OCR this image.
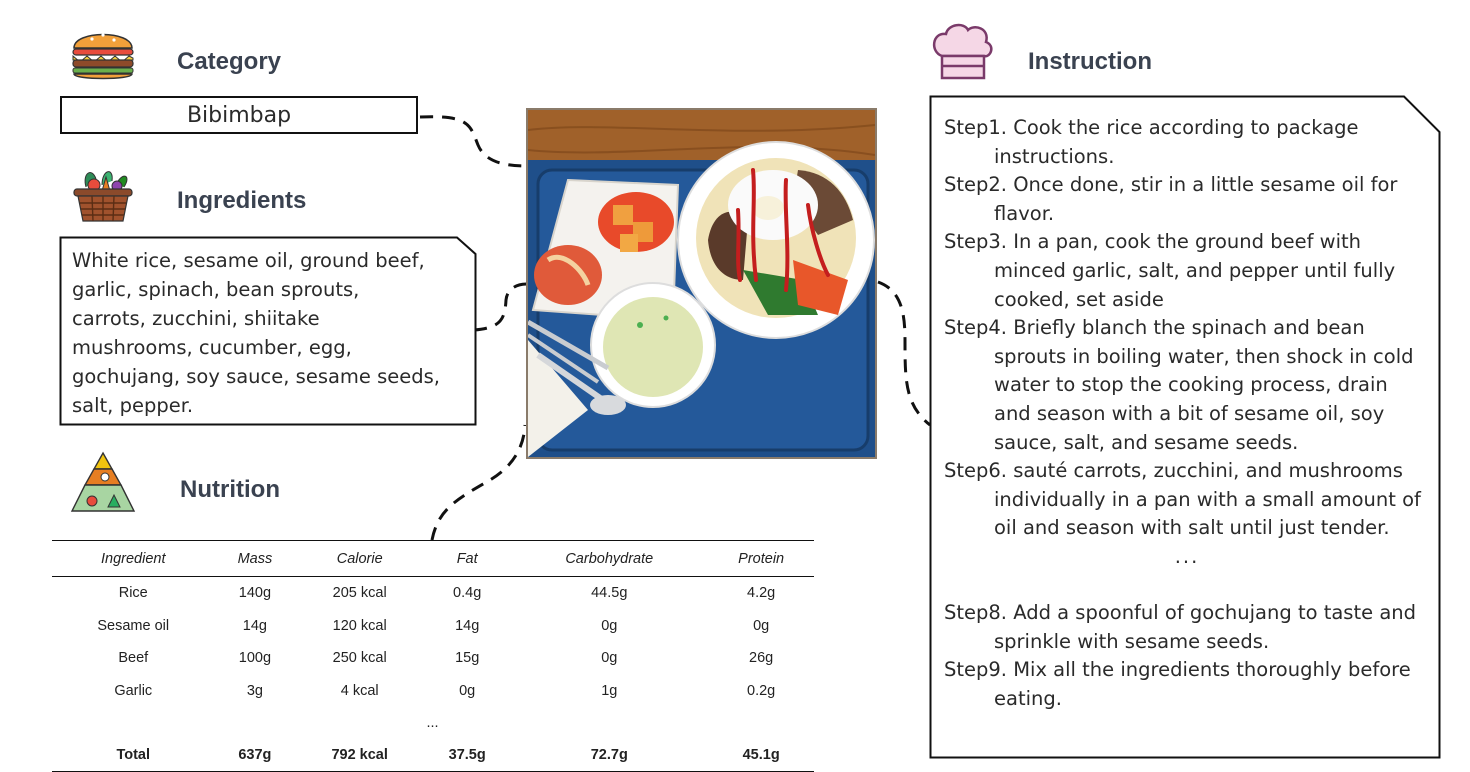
Category
Bibimbap
Ingredients
White rice, sesame oil, ground beef,
garlic, spinach, bean sprouts,
carrots, zucchini, shiitake
mushrooms, cucumber, egg,
gochujang, soy sauce, sesame seeds,
salt, pepper.
Nutrition
Ingredient	Mass	Calorie	Fat	Carbohydrate	Protein
Rice	140g	205 kcal	0.4g	44.5g	4.2g
Sesame oil	14g	120 kcal	14g	0g	0g
Beef	100g	250 kcal	15g	0g	26g
Garlic	3g	4 kcal	0g	1g	0.2g
...					
Total	637g	792 kcal	37.5g	72.7g	45.1g
Instruction
Step1. Cook the rice according to package instructions.
Step2. Once done, stir in a little sesame oil for flavor.
Step3. In a pan, cook the ground beef with minced garlic, salt, and pepper until fully cooked, set aside
Step4. Briefly blanch the spinach and bean sprouts in boiling water, then shock in cold water to stop the cooking process, drain and season with a bit of sesame oil, soy sauce, salt, and sesame seeds.
Step6. sauté carrots, zucchini, and mushrooms individually in a pan with a small amount of oil and season with salt until just tender.
...
Step8. Add a spoonful of gochujang to taste and sprinkle with sesame seeds.
Step9. Mix all the ingredients thoroughly before eating.
